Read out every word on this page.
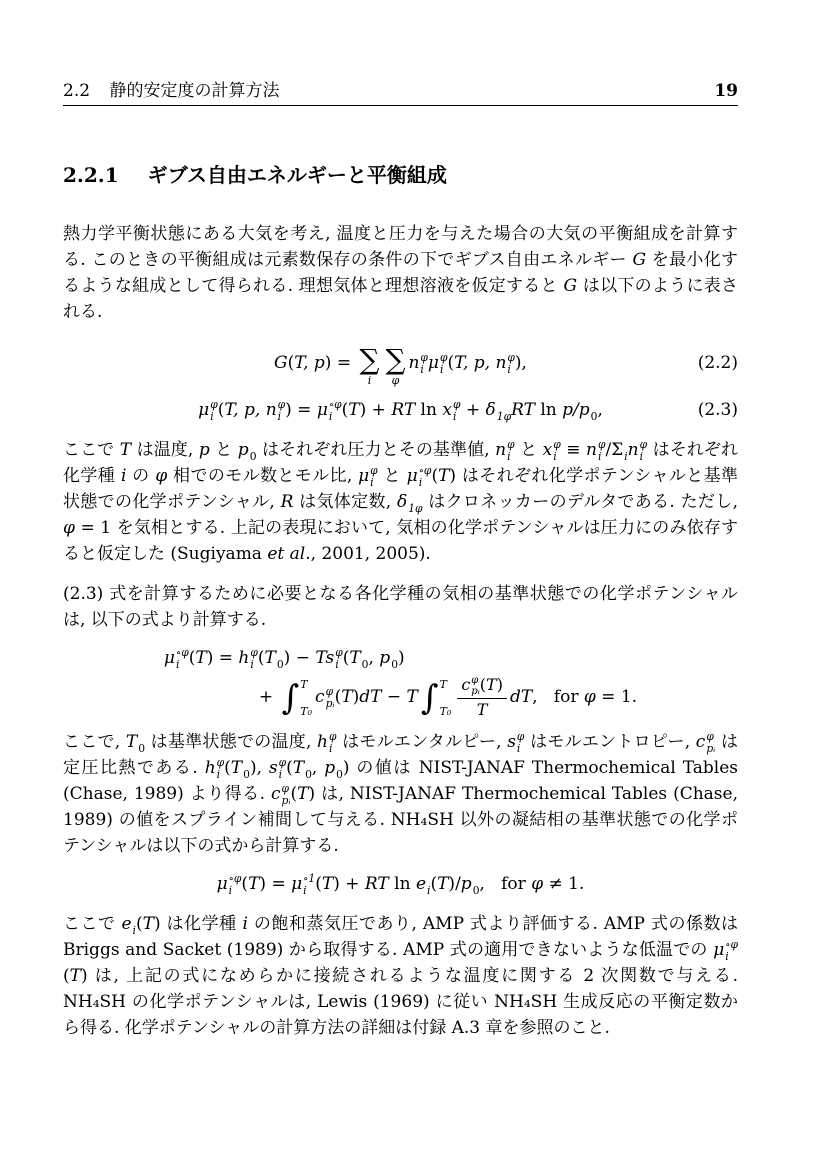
2.2 静的安定度の計算方法	19
2.2.1 ギブス自由エネルギーと平衡組成

熱力学平衡状態にある大気を考え, 温度と圧力を与えた場合の大気の平衡組成を計算する. このときの平衡組成は元素数保存の条件の下でギブス自由エネルギー G を最小化するような組成として得られる. 理想気体と理想溶液を仮定すると G は以下のように表される.

G(T, p) = ∑
i
∑
φ
n φ
i μ φ
i (T, p, n φ
i ),	(2.2)
μ φ
i (T, p, n φ
i ) = μ ∘φ
i (T) + RT ln x φ
i + δ 1φ RT ln p/p 0 ,	(2.3)

ここで T は温度, p と p 0 はそれぞれ圧力とその基準値, n φ
i と x φ
i ≡ n φ
i /Σ i n φ
i はそれぞれ化学種 i の φ 相でのモル数とモル比, μ φ
i と μ ∘φ
i (T) はそれぞれ化学ポテンシャルと基準状態での化学ポテンシャル, R は気体定数, δ 1φ はクロネッカーのデルタである. ただし, φ = 1 を気相とする. 上記の表現において, 気相の化学ポテンシャルは圧力にのみ依存すると仮定した (Sugiyama et al., 2001, 2005).

(2.3) 式を計算するために必要となる各化学種の気相の基準状態での化学ポテンシャルは, 以下の式より計算する.

μ ∘φ
i (T) = h φ
i (T 0 ) − Ts φ
i (T 0 , p 0 )
+ ∫ T
T₀
c φ
pᵢ (T)dT − T ∫ T
T₀ c φ
pᵢ (T)
T dT,   for φ = 1.

ここで, T 0 は基準状態での温度, h φ
i はモルエンタルピー, s φ
i はモルエントロピー, c φ
pᵢ は定圧比熱である. h φ
i (T 0 ), s φ
i (T 0 , p 0 ) の値は NIST-JANAF Thermochemical Tables (Chase, 1989) より得る. c φ
pᵢ (T) は, NIST-JANAF Thermochemical Tables (Chase, 1989) の値をスプライン補間して与える. NH₄SH 以外の凝結相の基準状態での化学ポテンシャルは以下の式から計算する.

μ ∘φ
i (T) = μ ∘1
i (T) + RT ln e i (T)/p 0 ,   for φ ≠ 1.

ここで e i (T) は化学種 i の飽和蒸気圧であり, AMP 式より評価する. AMP 式の係数は Briggs and Sacket (1989) から取得する. AMP 式の適用できないような低温での μ ∘φ
i
(T) は, 上記の式になめらかに接続されるような温度に関する 2 次関数で与える. NH₄SH の化学ポテンシャルは, Lewis (1969) に従い NH₄SH 生成反応の平衡定数から得る. 化学ポテンシャルの計算方法の詳細は付録 A.3 章を参照のこと.
